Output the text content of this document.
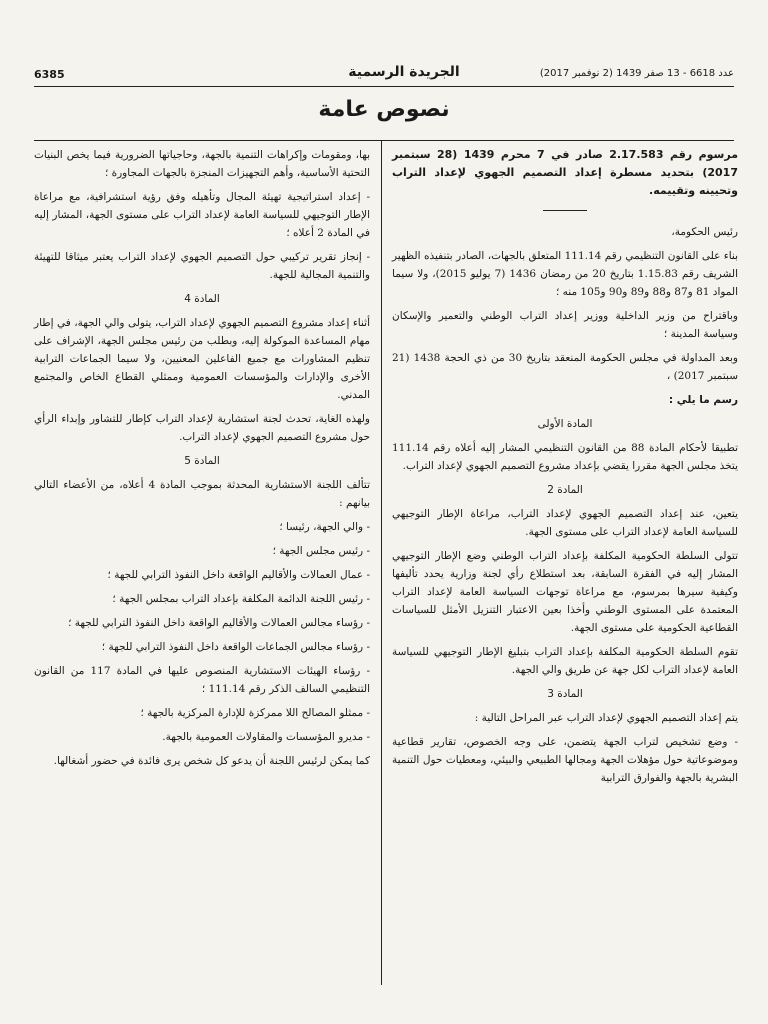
6385	الجريدة الرسمية	عدد 6618 - 13 صفر 1439 (2 نوفمبر 2017)
نصوص عامة

مرسوم رقم 2.17.583 صادر في 7 محرم 1439 (28 سبتمبر 2017) بتحديد مسطرة إعداد التصميم الجهوي لإعداد التراب وتحيينه وتقييمه.

رئيس الحكومة،

بناء على القانون التنظيمي رقم 111.14 المتعلق بالجهات، الصادر بتنفيذه الظهير الشريف رقم 1.15.83 بتاريخ 20 من رمضان 1436 (7 يوليو 2015)، ولا سيما المواد 81 و87 و88 و89 و90 و105 منه ؛

وباقتراح من وزير الداخلية ووزير إعداد التراب الوطني والتعمير والإسكان وسياسة المدينة ؛

وبعد المداولة في مجلس الحكومة المنعقد بتاريخ 30 من ذي الحجة 1438 (21 سبتمبر 2017) ،

رسم ما يلي :

المادة الأولى

تطبيقا لأحكام المادة 88 من القانون التنظيمي المشار إليه أعلاه رقم 111.14 يتخذ مجلس الجهة مقررا يقضي بإعداد مشروع التصميم الجهوي لإعداد التراب.

المادة 2

يتعين، عند إعداد التصميم الجهوي لإعداد التراب، مراعاة الإطار التوجيهي للسياسة العامة لإعداد التراب على مستوى الجهة.

تتولى السلطة الحكومية المكلفة بإعداد التراب الوطني وضع الإطار التوجيهي المشار إليه في الفقرة السابقة، بعد استطلاع رأي لجنة وزارية يحدد تأليفها وكيفية سيرها بمرسوم، مع مراعاة توجهات السياسة العامة لإعداد التراب المعتمدة على المستوى الوطني وأخذا بعين الاعتبار التنزيل الأمثل للسياسات القطاعية الحكومية على مستوى الجهة.

تقوم السلطة الحكومية المكلفة بإعداد التراب بتبليغ الإطار التوجيهي للسياسة العامة لإعداد التراب لكل جهة عن طريق والي الجهة.

المادة 3

يتم إعداد التصميم الجهوي لإعداد التراب عبر المراحل التالية :

- وضع تشخيص لتراب الجهة يتضمن، على وجه الخصوص، تقارير قطاعية وموضوعاتية حول مؤهلات الجهة ومجالها الطبيعي والبيئي، ومعطيات حول التنمية البشرية بالجهة والفوارق الترابية

بها، ومقومات وإكراهات التنمية بالجهة، وحاجياتها الضرورية فيما يخص البنيات التحتية الأساسية، وأهم التجهيزات المنجزة بالجهات المجاورة ؛

- إعداد استراتيجية تهيئة المجال وتأهيله وفق رؤية استشرافية، مع مراعاة الإطار التوجيهي للسياسة العامة لإعداد التراب على مستوى الجهة، المشار إليه في المادة 2 أعلاه ؛

- إنجاز تقرير تركيبي حول التصميم الجهوي لإعداد التراب يعتبر ميثاقا للتهيئة والتنمية المجالية للجهة.

المادة 4

أثناء إعداد مشروع التصميم الجهوي لإعداد التراب، يتولى والي الجهة، في إطار مهام المساعدة الموكولة إليه، وبطلب من رئيس مجلس الجهة، الإشراف على تنظيم المشاورات مع جميع الفاعلين المعنيين، ولا سيما الجماعات الترابية الأخرى والإدارات والمؤسسات العمومية وممثلي القطاع الخاص والمجتمع المدني.

ولهذه الغاية، تحدث لجنة استشارية لإعداد التراب كإطار للتشاور وإبداء الرأي حول مشروع التصميم الجهوي لإعداد التراب.

المادة 5

تتألف اللجنة الاستشارية المحدثة بموجب المادة 4 أعلاه، من الأعضاء التالي بيانهم :

- والي الجهة، رئيسا ؛

- رئيس مجلس الجهة ؛

- عمال العمالات والأقاليم الواقعة داخل النفوذ الترابي للجهة ؛

- رئيس اللجنة الدائمة المكلفة بإعداد التراب بمجلس الجهة ؛

- رؤساء مجالس العمالات والأقاليم الواقعة داخل النفوذ الترابي للجهة ؛

- رؤساء مجالس الجماعات الواقعة داخل النفوذ الترابي للجهة ؛

- رؤساء الهيئات الاستشارية المنصوص عليها في المادة 117 من القانون التنظيمي السالف الذكر رقم 111.14 ؛

- ممثلو المصالح اللا ممركزة للإدارة المركزية بالجهة ؛

- مديرو المؤسسات والمقاولات العمومية بالجهة.

كما يمكن لرئيس اللجنة أن يدعو كل شخص يرى فائدة في حضور أشغالها.
